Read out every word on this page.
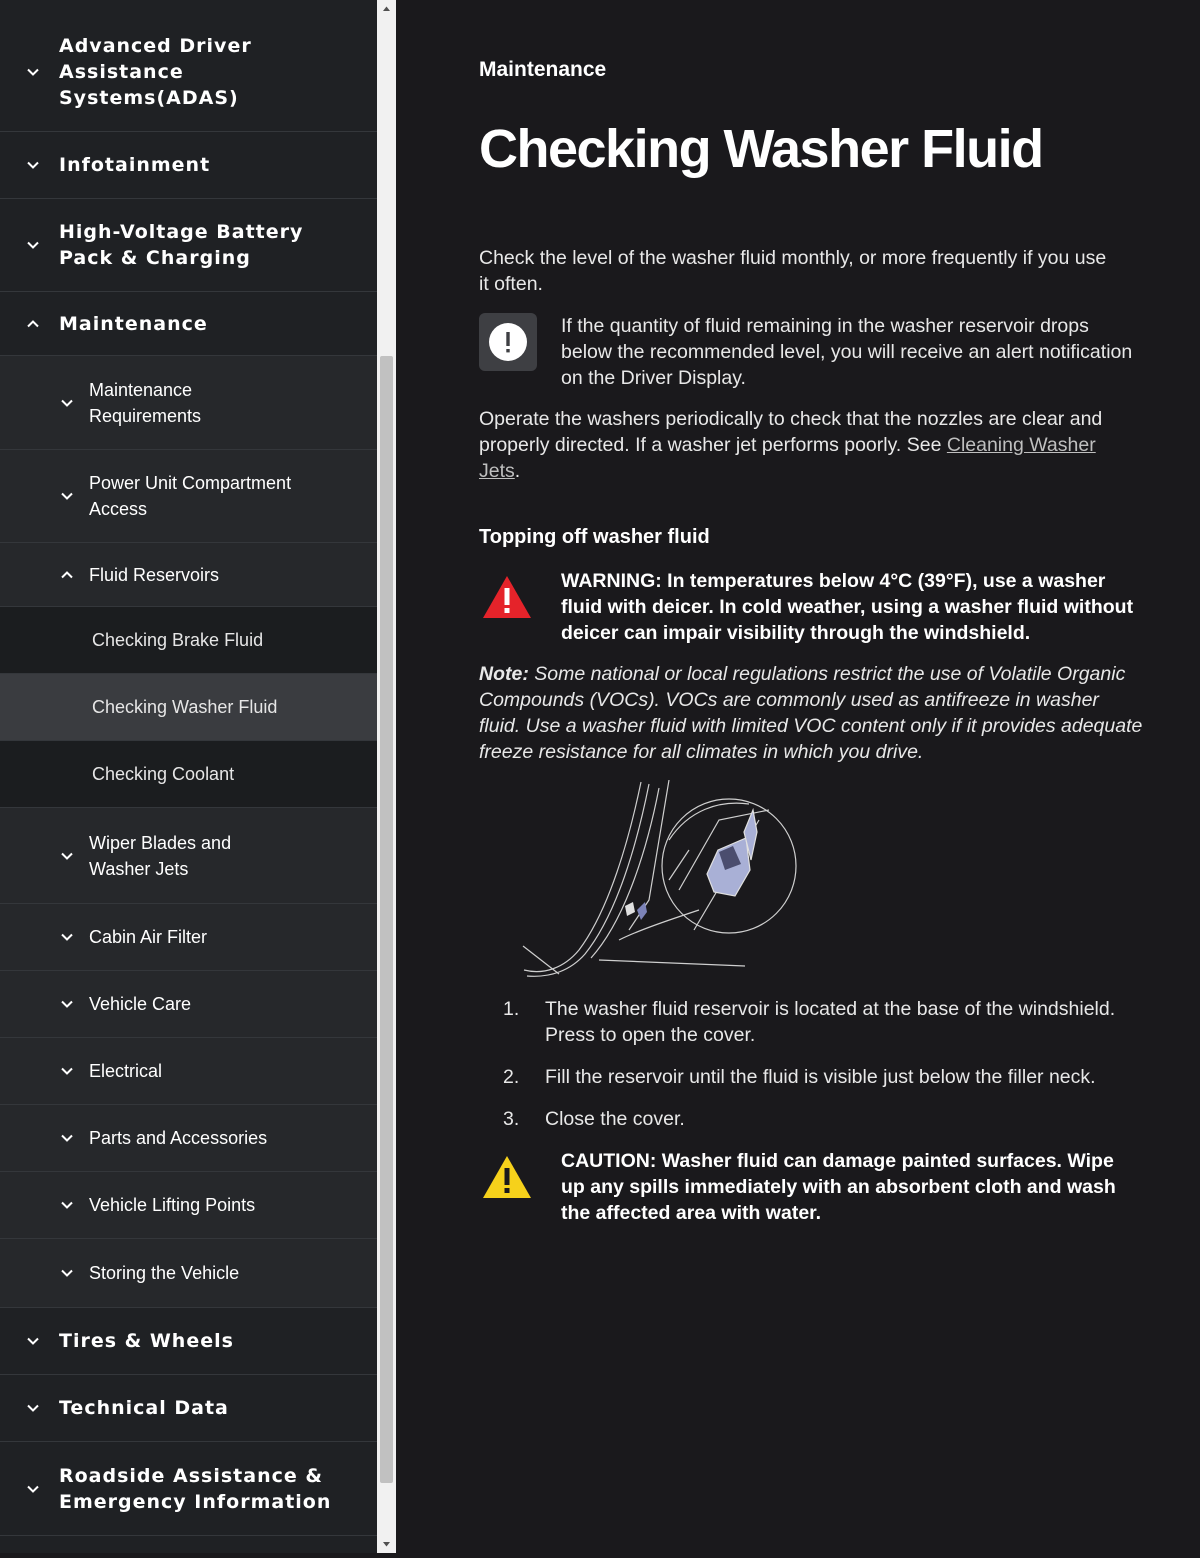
Advanced Driver Assistance Systems(ADAS)
Infotainment
High-Voltage Battery Pack & Charging
Maintenance
Maintenance Requirements
Power Unit Compartment Access
Fluid Reservoirs
Checking Brake Fluid
Checking Washer Fluid
Checking Coolant
Wiper Blades and Washer Jets
Cabin Air Filter
Vehicle Care
Electrical
Parts and Accessories
Vehicle Lifting Points
Storing the Vehicle
Tires & Wheels
Technical Data
Roadside Assistance & Emergency Information
Maintenance
Checking Washer Fluid

Check the level of the washer fluid monthly, or more frequently if you use it often.

If the quantity of fluid remaining in the washer reservoir drops below the recommended level, you will receive an alert notification on the Driver Display.

Operate the washers periodically to check that the nozzles are clear and properly directed. If a washer jet performs poorly. See Cleaning Washer Jets.

Topping off washer fluid

WARNING: In temperatures below 4°C (39°F), use a washer fluid with deicer. In cold weather, using a washer fluid without deicer can impair visibility through the windshield.

Note: Some national or local regulations restrict the use of Volatile Organic Compounds (VOCs). VOCs are commonly used as antifreeze in washer fluid. Use a washer fluid with limited VOC content only if it provides adequate freeze resistance for all climates in which you drive.

1. The washer fluid reservoir is located at the base of the windshield. Press to open the cover.
2. Fill the reservoir until the fluid is visible just below the filler neck.
3. Close the cover.

CAUTION: Washer fluid can damage painted surfaces. Wipe up any spills immediately with an absorbent cloth and wash the affected area with water.
